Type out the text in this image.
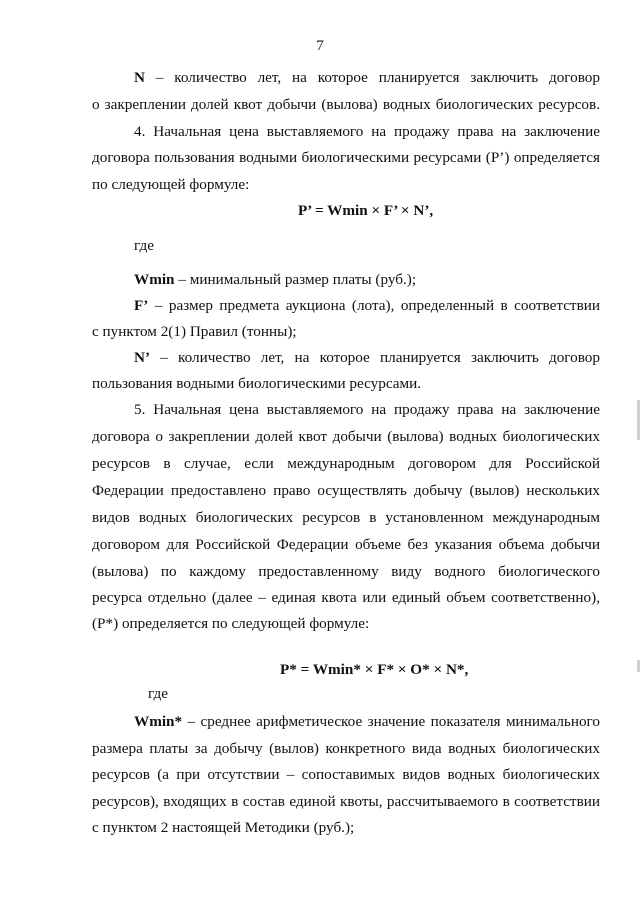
7
N – количество лет, на которое планируется заключить договор
о закреплении долей квот добычи (вылова) водных биологических ресурсов.
4. Начальная цена выставляемого на продажу права на заключение
договора пользования водными биологическими ресурсами (P’) определяется
по следующей формуле:
P’ = Wmin × F’ × N’,
где
Wmin – минимальный размер платы (руб.);
F’ – размер предмета аукциона (лота), определенный в соответствии
с пунктом 2(1) Правил (тонны);
N’ – количество лет, на которое планируется заключить договор
пользования водными биологическими ресурсами.
5. Начальная цена выставляемого на продажу права на заключение
договора о закреплении долей квот добычи (вылова) водных биологических
ресурсов в случае, если международным договором для Российской
Федерации предоставлено право осуществлять добычу (вылов) нескольких
видов водных биологических ресурсов в установленном международным
договором для Российской Федерации объеме без указания объема добычи
(вылова) по каждому предоставленному виду водного биологического
ресурса отдельно (далее – единая квота или единый объем соответственно),
(P*) определяется по следующей формуле:
P* = Wmin* × F* × O* × N*,
где
Wmin* – среднее арифметическое значение показателя минимального
размера платы за добычу (вылов) конкретного вида водных биологических
ресурсов (а при отсутствии – сопоставимых видов водных биологических
ресурсов), входящих в состав единой квоты, рассчитываемого в соответствии
с пунктом 2 настоящей Методики (руб.);
